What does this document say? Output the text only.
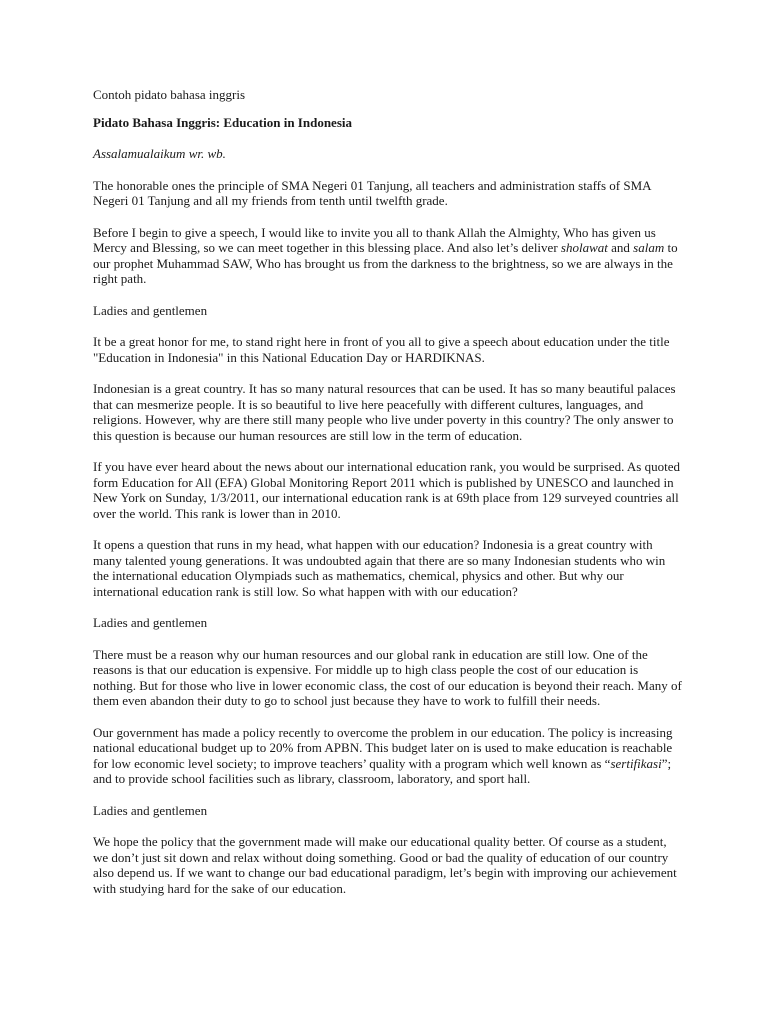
Contoh pidato bahasa inggris

Pidato Bahasa Inggris: Education in Indonesia

Assalamualaikum wr. wb.

The honorable ones the principle of SMA Negeri 01 Tanjung, all teachers and administration staffs of SMA Negeri 01 Tanjung and all my friends from tenth until twelfth grade.

Before I begin to give a speech, I would like to invite you all to thank Allah the Almighty, Who has given us Mercy and Blessing, so we can meet together in this blessing place. And also let’s deliver sholawat and salam to our prophet Muhammad SAW, Who has brought us from the darkness to the brightness, so we are always in the right path.

Ladies and gentlemen

It be a great honor for me, to stand right here in front of you all to give a speech about education under the title "Education in Indonesia" in this National Education Day or HARDIKNAS.

Indonesian is a great country. It has so many natural resources that can be used. It has so many beautiful palaces that can mesmerize people. It is so beautiful to live here peacefully with different cultures, languages, and religions. However, why are there still many people who live under poverty in this country? The only answer to this question is because our human resources are still low in the term of education.

If you have ever heard about the news about our international education rank, you would be surprised. As quoted form Education for All (EFA) Global Monitoring Report 2011 which is published by UNESCO and launched in New York on Sunday, 1/3/2011, our international education rank is at 69th place from 129 surveyed countries all over the world. This rank is lower than in 2010.

It opens a question that runs in my head, what happen with our education? Indonesia is a great country with many talented young generations. It was undoubted again that there are so many Indonesian students who win the international education Olympiads such as mathematics, chemical, physics and other. But why our international education rank is still low. So what happen with with our education?

Ladies and gentlemen

There must be a reason why our human resources and our global rank in education are still low. One of the reasons is that our education is expensive. For middle up to high class people the cost of our education is nothing. But for those who live in lower economic class, the cost of our education is beyond their reach. Many of them even abandon their duty to go to school just because they have to work to fulfill their needs.

Our government has made a policy recently to overcome the problem in our education. The policy is increasing national educational budget up to 20% from APBN. This budget later on is used to make education is reachable for low economic level society; to improve teachers’ quality with a program which well known as “sertifikasi”; and to provide school facilities such as library, classroom, laboratory, and sport hall.

Ladies and gentlemen

We hope the policy that the government made will make our educational quality better. Of course as a student, we don’t just sit down and relax without doing something. Good or bad the quality of education of our country also depend us. If we want to change our bad educational paradigm, let’s begin with improving our achievement with studying hard for the sake of our education.
